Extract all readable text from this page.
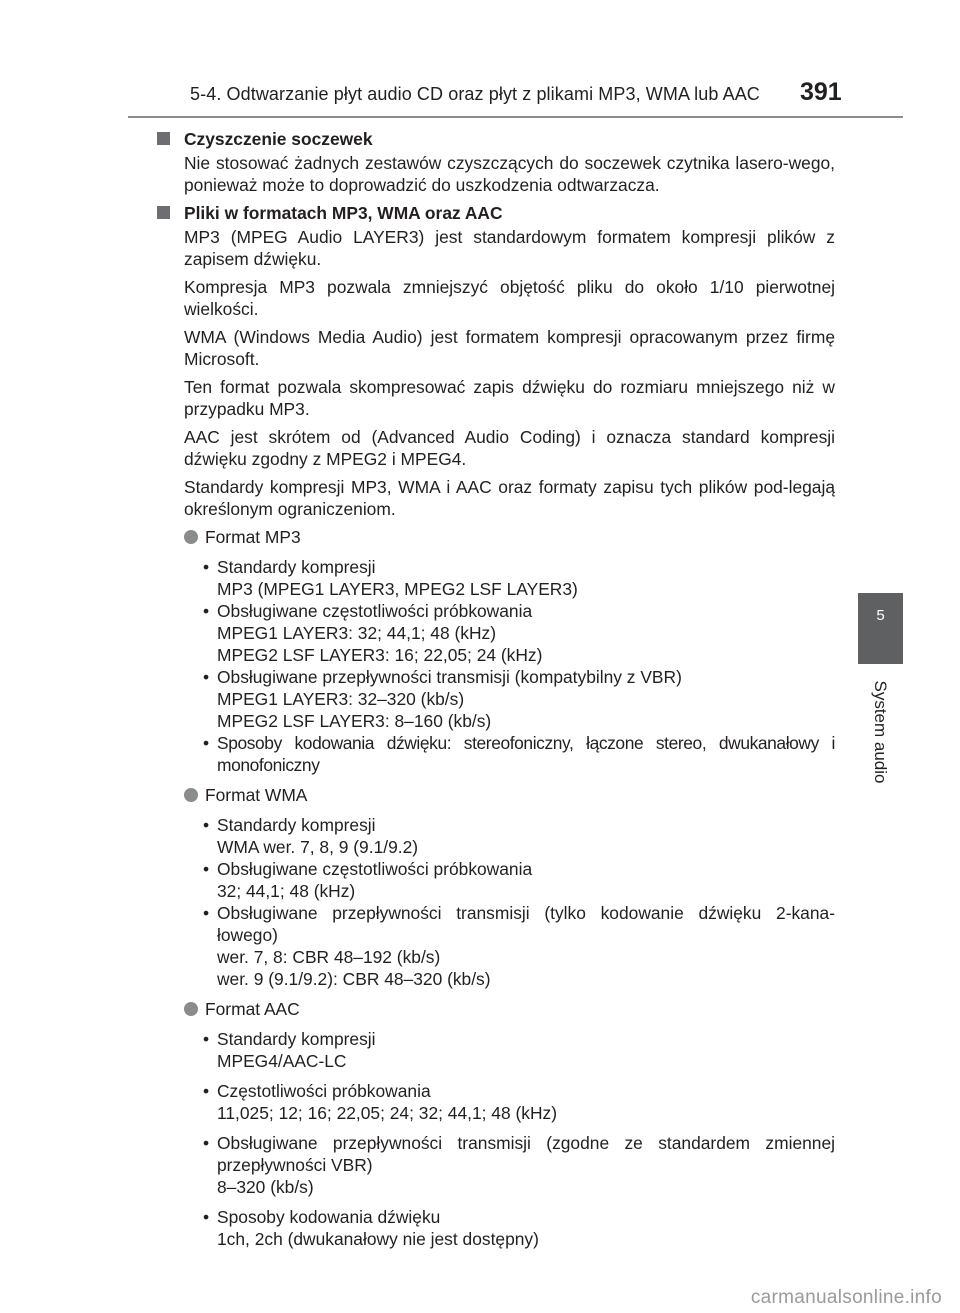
5-4. Odtwarzanie płyt audio CD oraz płyt z plikami MP3, WMA lub AAC 391
5
System audio
Czyszczenie soczewek
Nie stosować żadnych zestawów czyszczących do soczewek czytnika lasero-wego, ponieważ może to doprowadzić do uszkodzenia odtwarzacza.
Pliki w formatach MP3, WMA oraz AAC
MP3 (MPEG Audio LAYER3) jest standardowym formatem kompresji plików z zapisem dźwięku.
Kompresja MP3 pozwala zmniejszyć objętość pliku do około 1/10 pierwotnej wielkości.
WMA (Windows Media Audio) jest formatem kompresji opracowanym przez firmę Microsoft.
Ten format pozwala skompresować zapis dźwięku do rozmiaru mniejszego niż w przypadku MP3.
AAC jest skrótem od (Advanced Audio Coding) i oznacza standard kompresji dźwięku zgodny z MPEG2 i MPEG4.
Standardy kompresji MP3, WMA i AAC oraz formaty zapisu tych plików pod-legają określonym ograniczeniom.
Format MP3
• Standardy kompresji
MP3 (MPEG1 LAYER3, MPEG2 LSF LAYER3)
• Obsługiwane częstotliwości próbkowania
MPEG1 LAYER3: 32; 44,1; 48 (kHz)
MPEG2 LSF LAYER3: 16; 22,05; 24 (kHz)
• Obsługiwane przepływności transmisji (kompatybilny z VBR)
MPEG1 LAYER3: 32–320 (kb/s)
MPEG2 LSF LAYER3: 8–160 (kb/s)
• Sposoby kodowania dźwięku: stereofoniczny, łączone stereo, dwukanałowy i monofoniczny
Format WMA
• Standardy kompresji
WMA wer. 7, 8, 9 (9.1/9.2)
• Obsługiwane częstotliwości próbkowania
32; 44,1; 48 (kHz)
• Obsługiwane przepływności transmisji (tylko kodowanie dźwięku 2-kana-łowego)
wer. 7, 8: CBR 48–192 (kb/s)
wer. 9 (9.1/9.2): CBR 48–320 (kb/s)
Format AAC
• Standardy kompresji
MPEG4/AAC-LC
• Częstotliwości próbkowania
11,025; 12; 16; 22,05; 24; 32; 44,1; 48 (kHz)
• Obsługiwane przepływności transmisji (zgodne ze standardem zmiennej przepływności VBR)
8–320 (kb/s)
• Sposoby kodowania dźwięku
1ch, 2ch (dwukanałowy nie jest dostępny)
carmanualsonline.info
